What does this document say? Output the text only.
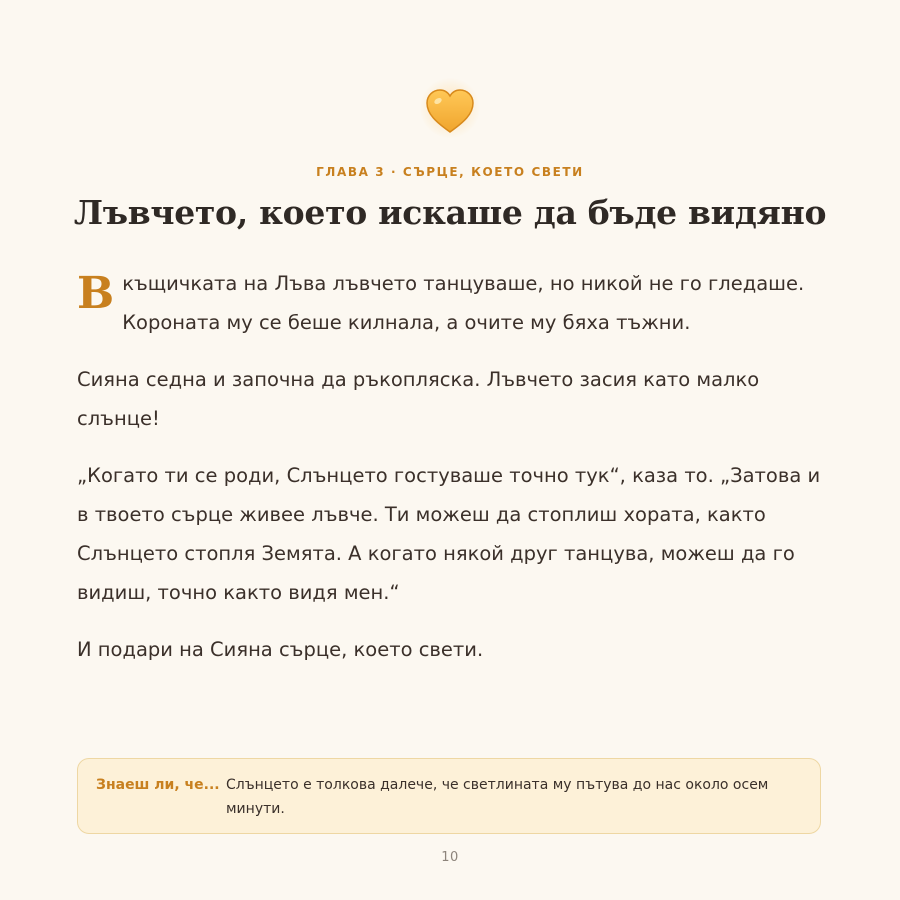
ГЛАВА 3 · СЪРЦЕ, КОЕТО СВЕТИ
Лъвчето, което искаше да бъде видяно

В къщичката на Лъва лъвчето танцуваше, но никой не го гледаше. Короната му се беше килнала, а очите му бяха тъжни.

Сияна седна и започна да ръкопляска. Лъвчето засия като малко слънце!

„Когато ти се роди, Слънцето гостуваше точно тук“, каза то. „Затова и в твоето сърце живее лъвче. Ти можеш да стоплиш хората, както Слънцето стопля Земята. А когато някой друг танцува, можеш да го видиш, точно както видя мен.“

И подари на Сияна сърце, което свети.

Знаеш ли, че... Слънцето е толкова далече, че светлината му пътува до нас около осем минути.
10
